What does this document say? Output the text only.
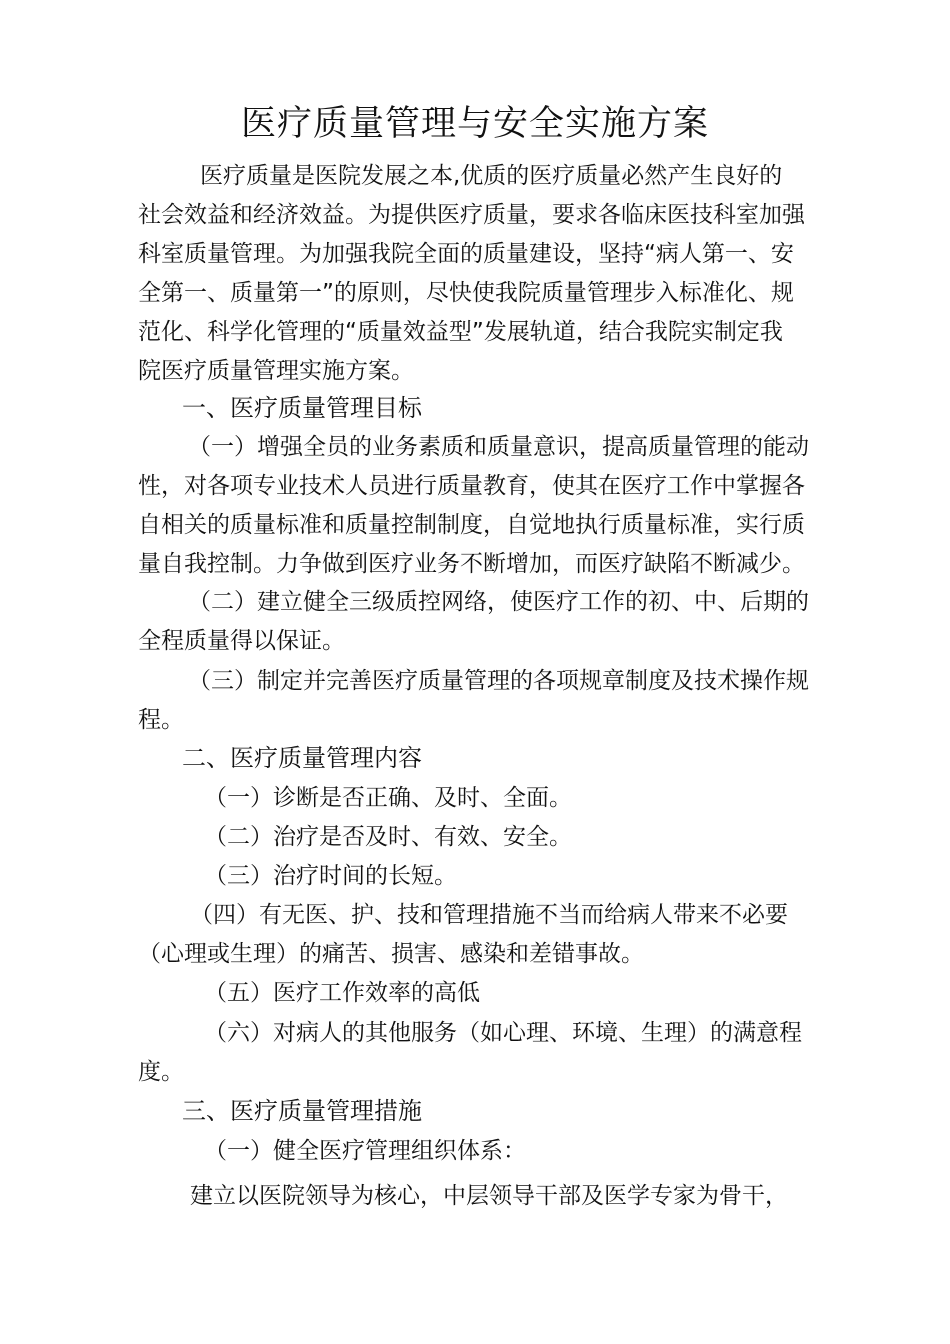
医疗质量管理与安全实施方案
医疗质量是医院发展之本,优质的医疗质量必然产生良好的
社会效益和经济效益。为提供医疗质量，要求各临床医技科室加强
科室质量管理。为加强我院全面的质量建设，坚持“病人第一、安
全第一、质量第一”的原则，尽快使我院质量管理步入标准化、规
范化、科学化管理的“质量效益型”发展轨道，结合我院实制定我
院医疗质量管理实施方案。
一、医疗质量管理目标
（一）增强全员的业务素质和质量意识，提高质量管理的能动
性，对各项专业技术人员进行质量教育，使其在医疗工作中掌握各
自相关的质量标准和质量控制制度，自觉地执行质量标准，实行质
量自我控制。力争做到医疗业务不断增加，而医疗缺陷不断减少。
（二）建立健全三级质控网络，使医疗工作的初、中、后期的
全程质量得以保证。
（三）制定并完善医疗质量管理的各项规章制度及技术操作规
程。
二、医疗质量管理内容
（一）诊断是否正确、及时、全面。
（二）治疗是否及时、有效、安全。
（三）治疗时间的长短。
（四）有无医、护、技和管理措施不当而给病人带来不必要
（心理或生理）的痛苦、损害、感染和差错事故。
（五）医疗工作效率的高低
（六）对病人的其他服务（如心理、环境、生理）的满意程
度。
三、医疗质量管理措施
（一）健全医疗管理组织体系：
建立以医院领导为核心，中层领导干部及医学专家为骨干，
